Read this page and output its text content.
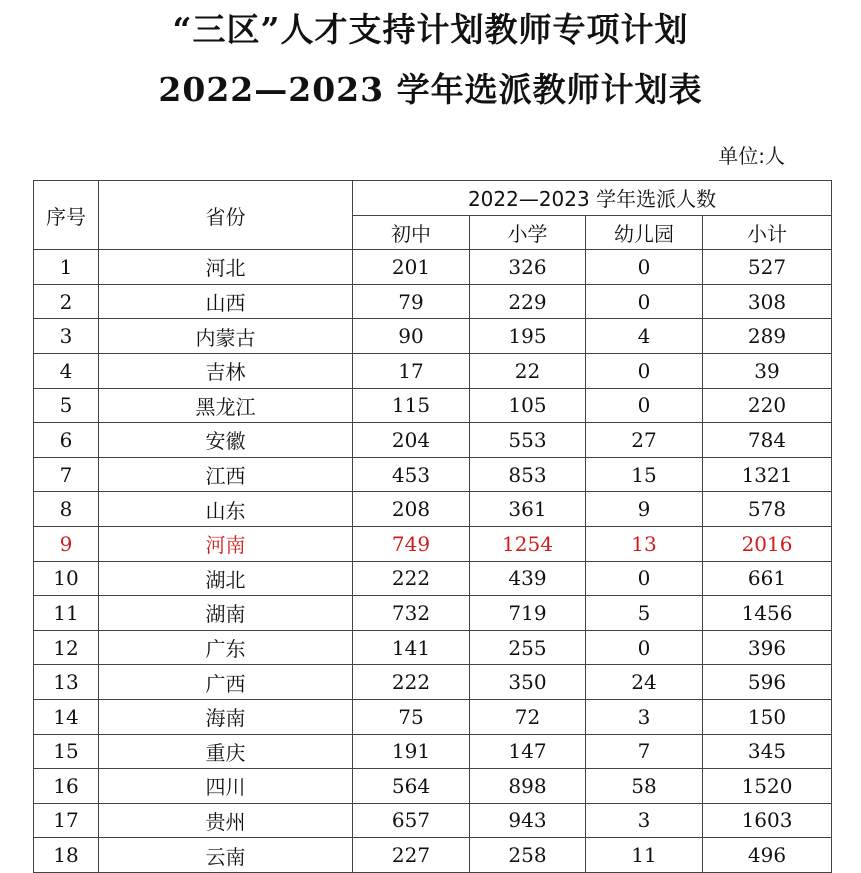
“三区”人才支持计划教师专项计划
2022—2023 学年选派教师计划表
单位:人
序号	省份	2022—2023 学年选派人数			
		初中	小学	幼儿园	小计
1	河北	201	326	0	527
2	山西	79	229	0	308
3	内蒙古	90	195	4	289
4	吉林	17	22	0	39
5	黑龙江	115	105	0	220
6	安徽	204	553	27	784
7	江西	453	853	15	1321
8	山东	208	361	9	578
9	河南	749	1254	13	2016
10	湖北	222	439	0	661
11	湖南	732	719	5	1456
12	广东	141	255	0	396
13	广西	222	350	24	596
14	海南	75	72	3	150
15	重庆	191	147	7	345
16	四川	564	898	58	1520
17	贵州	657	943	3	1603
18	云南	227	258	11	496
